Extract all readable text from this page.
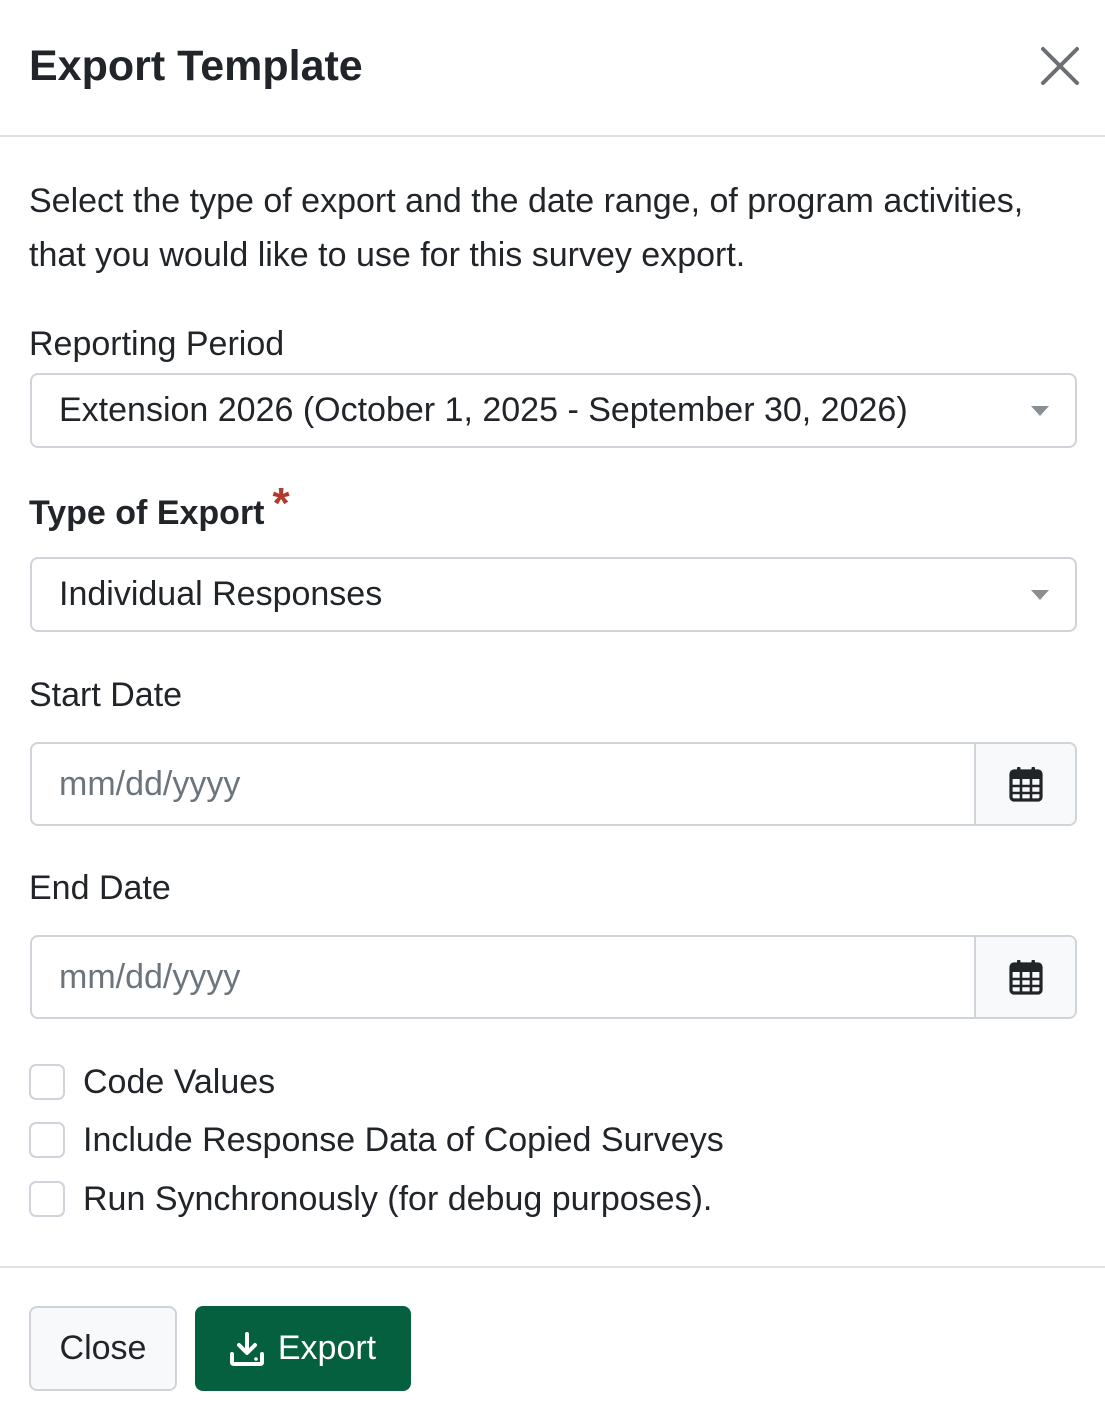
Export Template
Select the type of export and the date range, of program activities, that you would like to use for this survey export.
Reporting Period
Extension 2026 (October 1, 2025 - September 30, 2026)
Type of Export *
Individual Responses
Start Date
mm/dd/yyyy
End Date
mm/dd/yyyy
Code Values
Include Response Data of Copied Surveys
Run Synchronously (for debug purposes).
Close	Export
